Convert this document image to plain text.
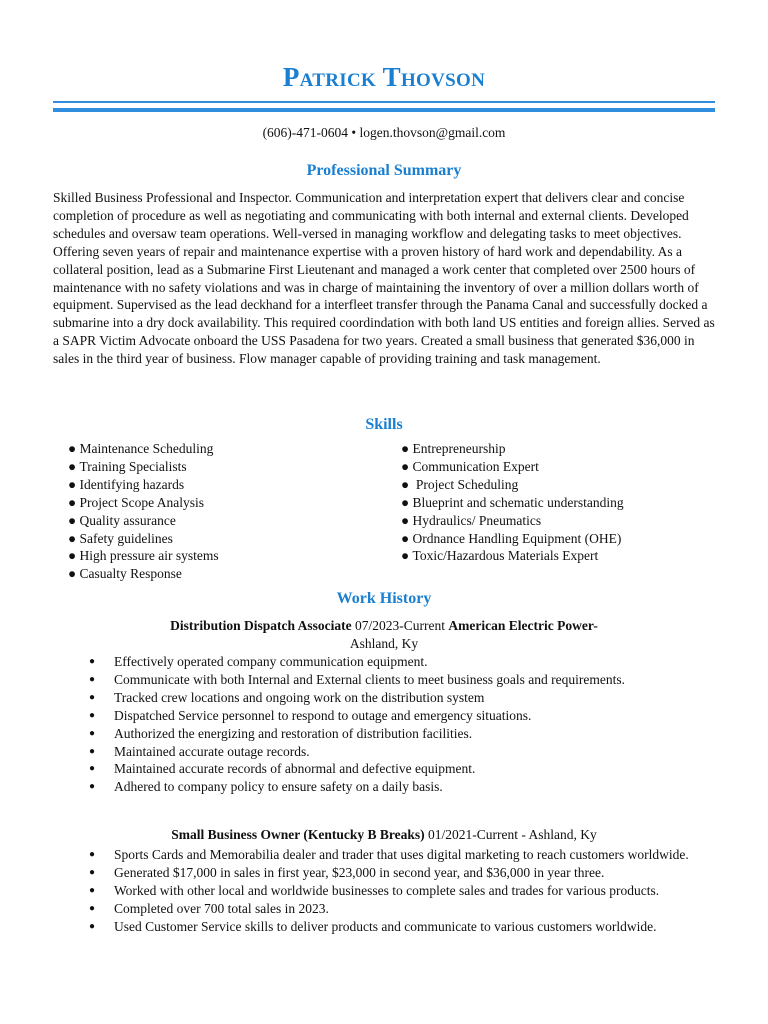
Patrick Thovson
(606)-471-0604 • logen.thovson@gmail.com
Professional Summary
Skilled Business Professional and Inspector. Communication and interpretation expert that delivers clear and concise completion of procedure as well as negotiating and communicating with both internal and external clients. Developed schedules and oversaw team operations. Well-versed in managing workflow and delegating tasks to meet objectives. Offering seven years of repair and maintenance expertise with a proven history of hard work and dependability. As a collateral position, lead as a Submarine First Lieutenant and managed a work center that completed over 2500 hours of maintenance with no safety violations and was in charge of maintaining the inventory of over a million dollars worth of equipment. Supervised as the lead deckhand for a interfleet transfer through the Panama Canal and successfully docked a submarine into a dry dock availability. This required coordindation with both land US entities and foreign allies. Served as a SAPR Victim Advocate onboard the USS Pasadena for two years. Created a small business that generated $36,000 in sales in the third year of business. Flow manager capable of providing training and task management.
Skills
● Maintenance Scheduling
● Training Specialists
● Identifying hazards
● Project Scope Analysis
● Quality assurance
● Safety guidelines
● High pressure air systems
● Casualty Response
● Entrepreneurship
● Communication Expert
●  Project Scheduling
● Blueprint and schematic understanding
● Hydraulics/ Pneumatics
● Ordnance Handling Equipment (OHE)
● Toxic/Hazardous Materials Expert
Work History
Distribution Dispatch Associate 07/2023-Current American Electric Power-
Ashland, Ky
● Effectively operated company communication equipment.
● Communicate with both Internal and External clients to meet business goals and requirements.
● Tracked crew locations and ongoing work on the distribution system
● Dispatched Service personnel to respond to outage and emergency situations.
● Authorized the energizing and restoration of distribution facilities.
● Maintained accurate outage records.
● Maintained accurate records of abnormal and defective equipment.
● Adhered to company policy to ensure safety on a daily basis.
Small Business Owner (Kentucky B Breaks) 01/2021-Current - Ashland, Ky
● Sports Cards and Memorabilia dealer and trader that uses digital marketing to reach customers worldwide.
● Generated $17,000 in sales in first year, $23,000 in second year, and $36,000 in year three.
● Worked with other local and worldwide businesses to complete sales and trades for various products.
● Completed over 700 total sales in 2023.
● Used Customer Service skills to deliver products and communicate to various customers worldwide.
